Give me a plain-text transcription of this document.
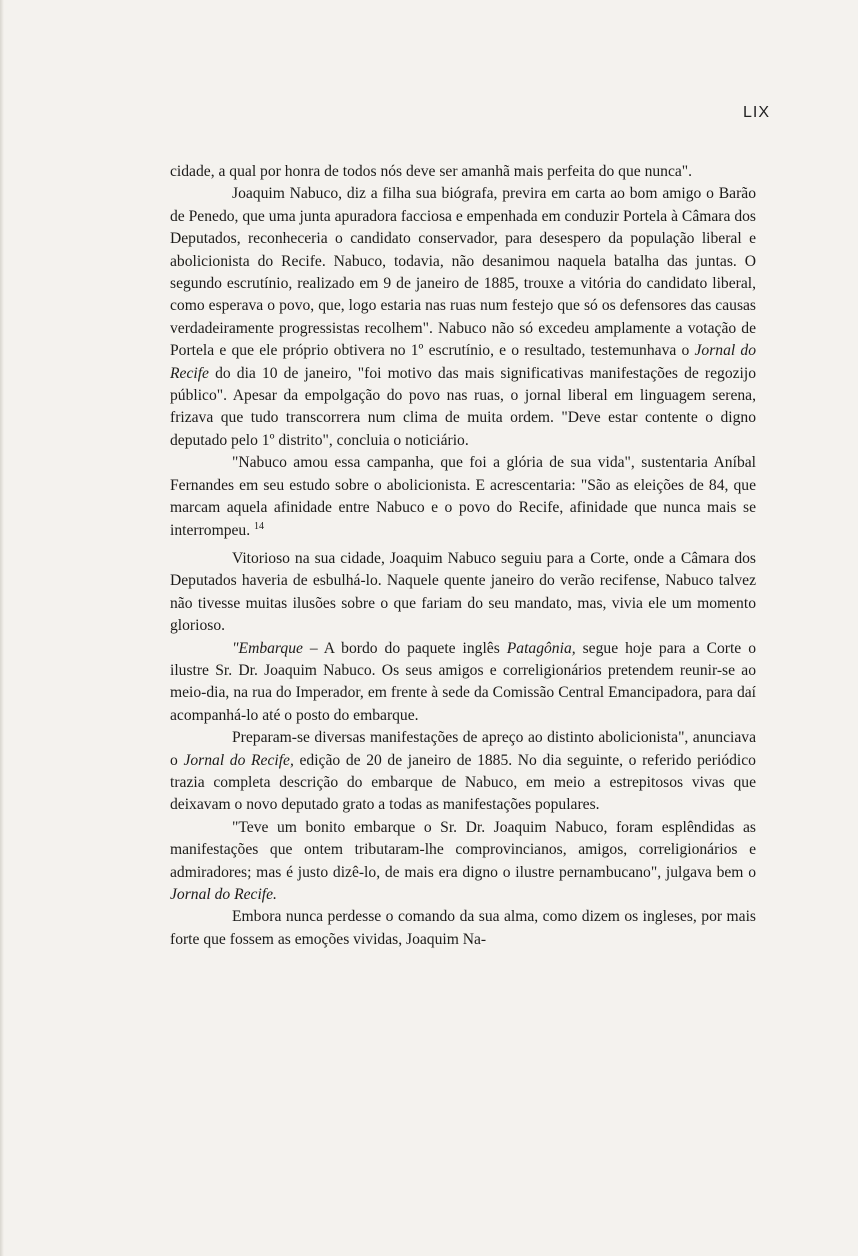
LIX

cidade, a qual por honra de todos nós deve ser amanhã mais perfeita do que nunca".

Joaquim Nabuco, diz a filha sua biógrafa, previra em carta ao bom amigo o Barão de Penedo, que uma junta apuradora facciosa e empenhada em conduzir Portela à Câmara dos Deputados, reconheceria o candidato conservador, para desespero da população liberal e abolicionista do Recife. Nabuco, todavia, não desanimou naquela batalha das juntas. O segundo escrutínio, realizado em 9 de janeiro de 1885, trouxe a vitória do candidato liberal, como esperava o povo, que, logo estaria nas ruas num festejo que só os defensores das causas verdadeiramente progressistas recolhem". Nabuco não só excedeu amplamente a votação de Portela e que ele próprio obtivera no 1º escrutínio, e o resultado, testemunhava o Jornal do Recife do dia 10 de janeiro, "foi motivo das mais significativas manifestações de regozijo público". Apesar da empolgação do povo nas ruas, o jornal liberal em linguagem serena, frizava que tudo transcorrera num clima de muita ordem. "Deve estar contente o digno deputado pelo 1º distrito", concluia o noticiário.

"Nabuco amou essa campanha, que foi a glória de sua vida", sustentaria Aníbal Fernandes em seu estudo sobre o abolicionista. E acrescentaria: "São as eleições de 84, que marcam aquela afinidade entre Nabuco e o povo do Recife, afinidade que nunca mais se interrompeu. $^{14}$

Vitorioso na sua cidade, Joaquim Nabuco seguiu para a Corte, onde a Câmara dos Deputados haveria de esbulhá-lo. Naquele quente janeiro do verão recifense, Nabuco talvez não tivesse muitas ilusões sobre o que fariam do seu mandato, mas, vivia ele um momento glorioso.

"Embarque – A bordo do paquete inglês Patagônia, segue hoje para a Corte o ilustre Sr. Dr. Joaquim Nabuco. Os seus amigos e correligionários pretendem reunir-se ao meio-dia, na rua do Imperador, em frente à sede da Comissão Central Emancipadora, para daí acompanhá-lo até o posto do embarque.

Preparam-se diversas manifestações de apreço ao distinto abolicionista", anunciava o Jornal do Recife, edição de 20 de janeiro de 1885. No dia seguinte, o referido periódico trazia completa descrição do embarque de Nabuco, em meio a estrepitosos vivas que deixavam o novo deputado grato a todas as manifestações populares.

"Teve um bonito embarque o Sr. Dr. Joaquim Nabuco, foram esplêndidas as manifestações que ontem tributaram-lhe comprovincianos, amigos, correligionários e admiradores; mas é justo dizê-lo, de mais era digno o ilustre pernambucano", julgava bem o Jornal do Recife.

Embora nunca perdesse o comando da sua alma, como dizem os ingleses, por mais forte que fossem as emoções vividas, Joaquim Na-
